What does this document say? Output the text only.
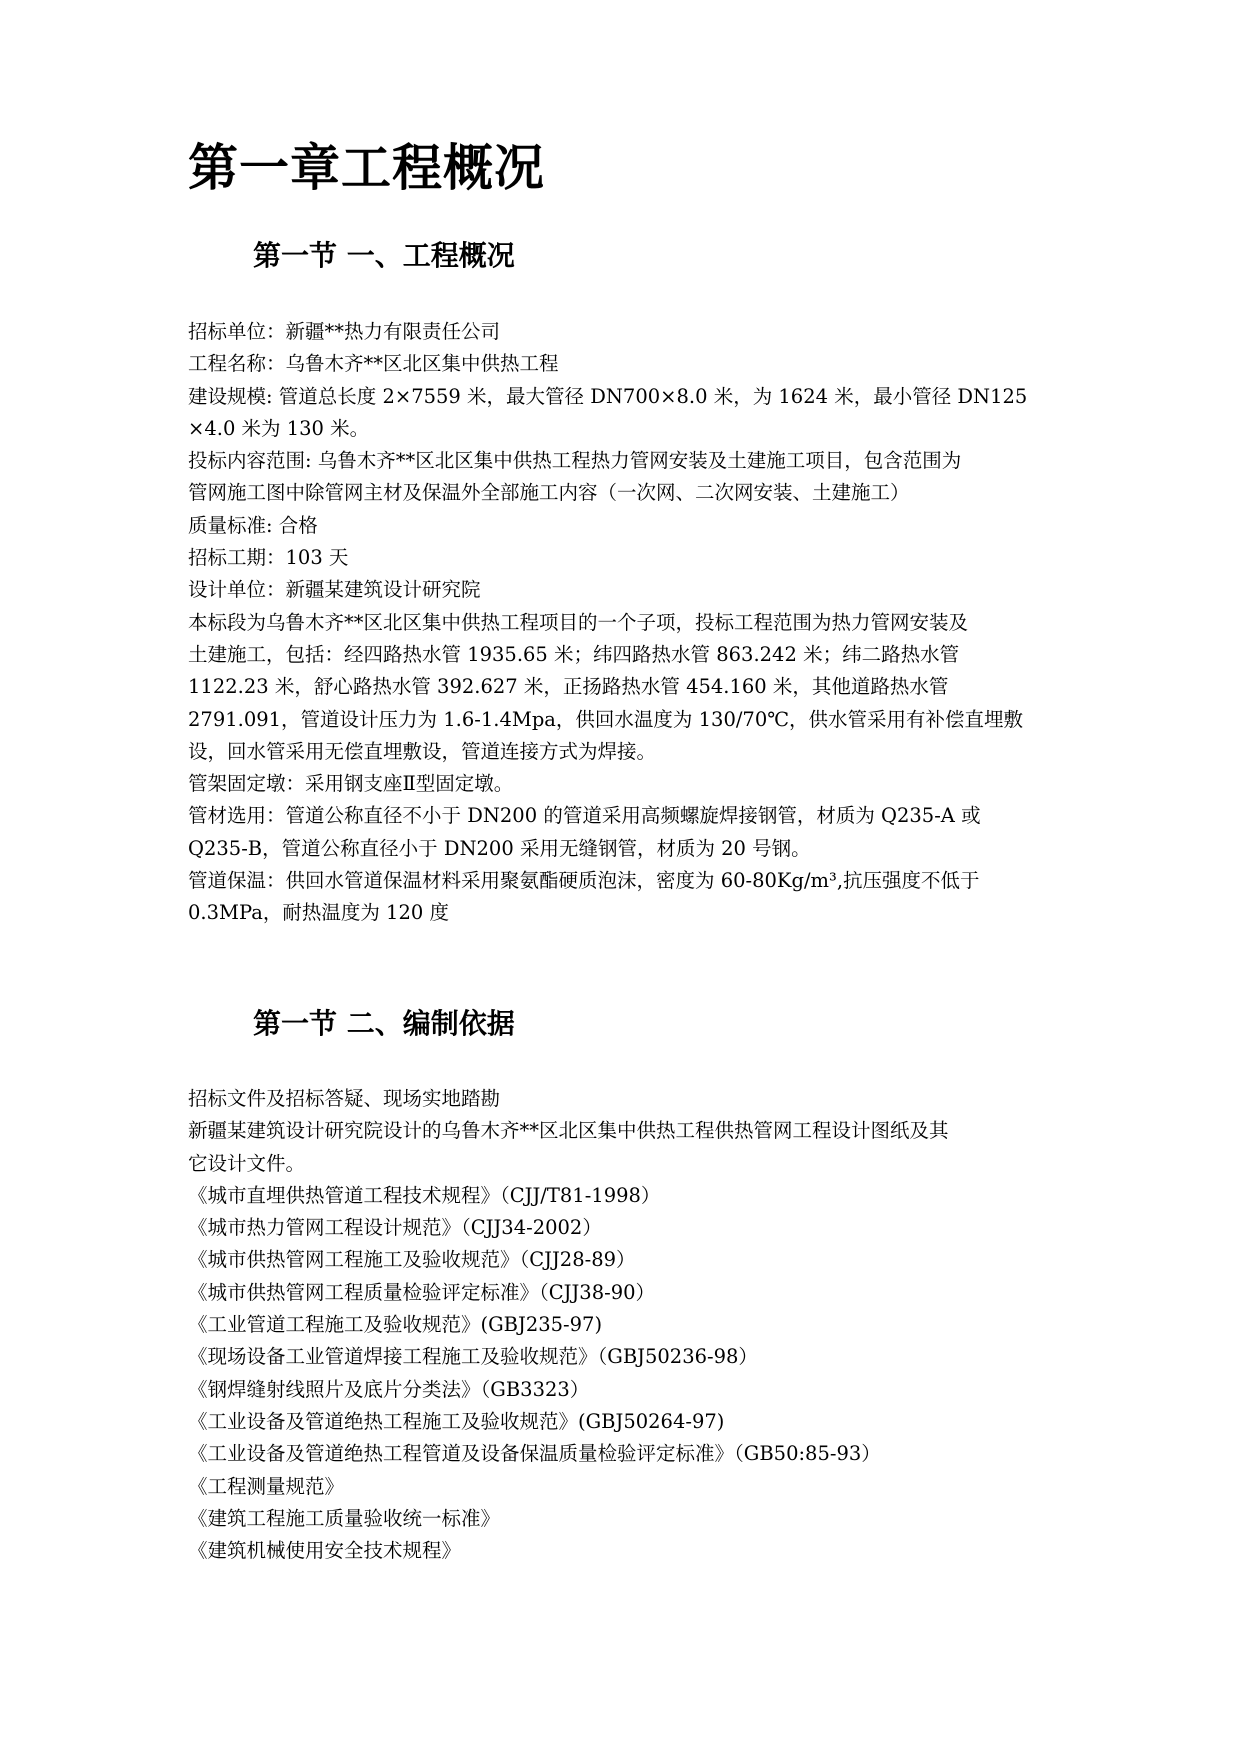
第一章工程概况
第一节 一、工程概况
招标单位：新疆**热力有限责任公司
工程名称：乌鲁木齐**区北区集中供热工程
建设规模: 管道总长度 2×7559 米，最大管径 DN700×8.0 米，为 1624 米，最小管径 DN125
×4.0 米为 130 米。
投标内容范围: 乌鲁木齐**区北区集中供热工程热力管网安装及土建施工项目，包含范围为
管网施工图中除管网主材及保温外全部施工内容（一次网、二次网安装、土建施工）
质量标准: 合格
招标工期：103 天
设计单位：新疆某建筑设计研究院
本标段为乌鲁木齐**区北区集中供热工程项目的一个子项，投标工程范围为热力管网安装及
土建施工，包括：经四路热水管 1935.65 米；纬四路热水管 863.242 米；纬二路热水管
1122.23 米，舒心路热水管 392.627 米，正扬路热水管 454.160 米，其他道路热水管
2791.091，管道设计压力为 1.6-1.4Mpa，供回水温度为 130/70℃，供水管采用有补偿直埋敷
设，回水管采用无偿直埋敷设，管道连接方式为焊接。
管架固定墩：采用钢支座Ⅱ型固定墩。
管材选用：管道公称直径不小于 DN200 的管道采用高频螺旋焊接钢管，材质为 Q235-A 或
Q235-B，管道公称直径小于 DN200 采用无缝钢管，材质为 20 号钢。
管道保温：供回水管道保温材料采用聚氨酯硬质泡沫，密度为 60-80Kg/m³,抗压强度不低于
0.3MPa，耐热温度为 120 度
第一节 二、编制依据
招标文件及招标答疑、现场实地踏勘
新疆某建筑设计研究院设计的乌鲁木齐**区北区集中供热工程供热管网工程设计图纸及其
它设计文件。
《城市直埋供热管道工程技术规程》（CJJ/T81-1998）
《城市热力管网工程设计规范》（CJJ34-2002）
《城市供热管网工程施工及验收规范》（CJJ28-89）
《城市供热管网工程质量检验评定标准》（CJJ38-90）
《工业管道工程施工及验收规范》(GBJ235-97)
《现场设备工业管道焊接工程施工及验收规范》（GBJ50236-98）
《钢焊缝射线照片及底片分类法》（GB3323）
《工业设备及管道绝热工程施工及验收规范》(GBJ50264-97)
《工业设备及管道绝热工程管道及设备保温质量检验评定标准》（GB50:85-93）
《工程测量规范》
《建筑工程施工质量验收统一标准》
《建筑机械使用安全技术规程》
